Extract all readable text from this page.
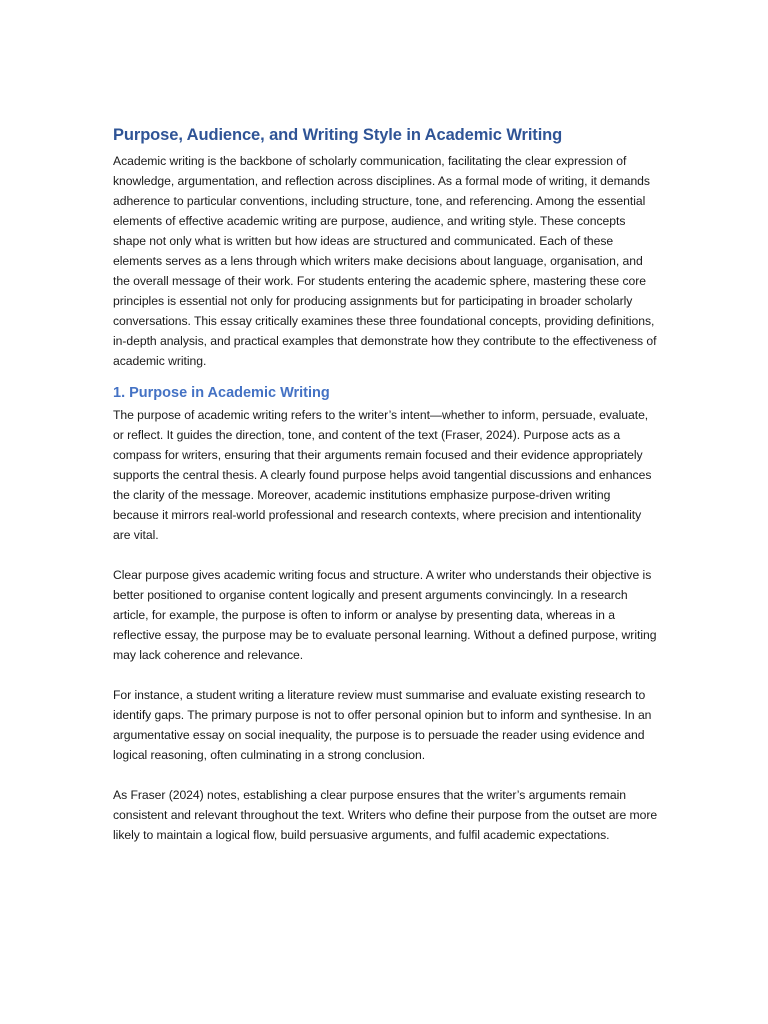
Purpose, Audience, and Writing Style in Academic Writing

Academic writing is the backbone of scholarly communication, facilitating the clear expression of knowledge, argumentation, and reflection across disciplines. As a formal mode of writing, it demands adherence to particular conventions, including structure, tone, and referencing. Among the essential elements of effective academic writing are purpose, audience, and writing style. These concepts shape not only what is written but how ideas are structured and communicated. Each of these elements serves as a lens through which writers make decisions about language, organisation, and the overall message of their work. For students entering the academic sphere, mastering these core principles is essential not only for producing assignments but for participating in broader scholarly conversations. This essay critically examines these three foundational concepts, providing definitions, in-depth analysis, and practical examples that demonstrate how they contribute to the effectiveness of academic writing.

1. Purpose in Academic Writing

The purpose of academic writing refers to the writer’s intent—whether to inform, persuade, evaluate, or reflect. It guides the direction, tone, and content of the text (Fraser, 2024). Purpose acts as a compass for writers, ensuring that their arguments remain focused and their evidence appropriately supports the central thesis. A clearly found purpose helps avoid tangential discussions and enhances the clarity of the message. Moreover, academic institutions emphasize purpose-driven writing because it mirrors real-world professional and research contexts, where precision and intentionality are vital.

Clear purpose gives academic writing focus and structure. A writer who understands their objective is better positioned to organise content logically and present arguments convincingly. In a research article, for example, the purpose is often to inform or analyse by presenting data, whereas in a reflective essay, the purpose may be to evaluate personal learning. Without a defined purpose, writing may lack coherence and relevance.

For instance, a student writing a literature review must summarise and evaluate existing research to identify gaps. The primary purpose is not to offer personal opinion but to inform and synthesise. In an argumentative essay on social inequality, the purpose is to persuade the reader using evidence and logical reasoning, often culminating in a strong conclusion.

As Fraser (2024) notes, establishing a clear purpose ensures that the writer’s arguments remain consistent and relevant throughout the text. Writers who define their purpose from the outset are more likely to maintain a logical flow, build persuasive arguments, and fulfil academic expectations.
